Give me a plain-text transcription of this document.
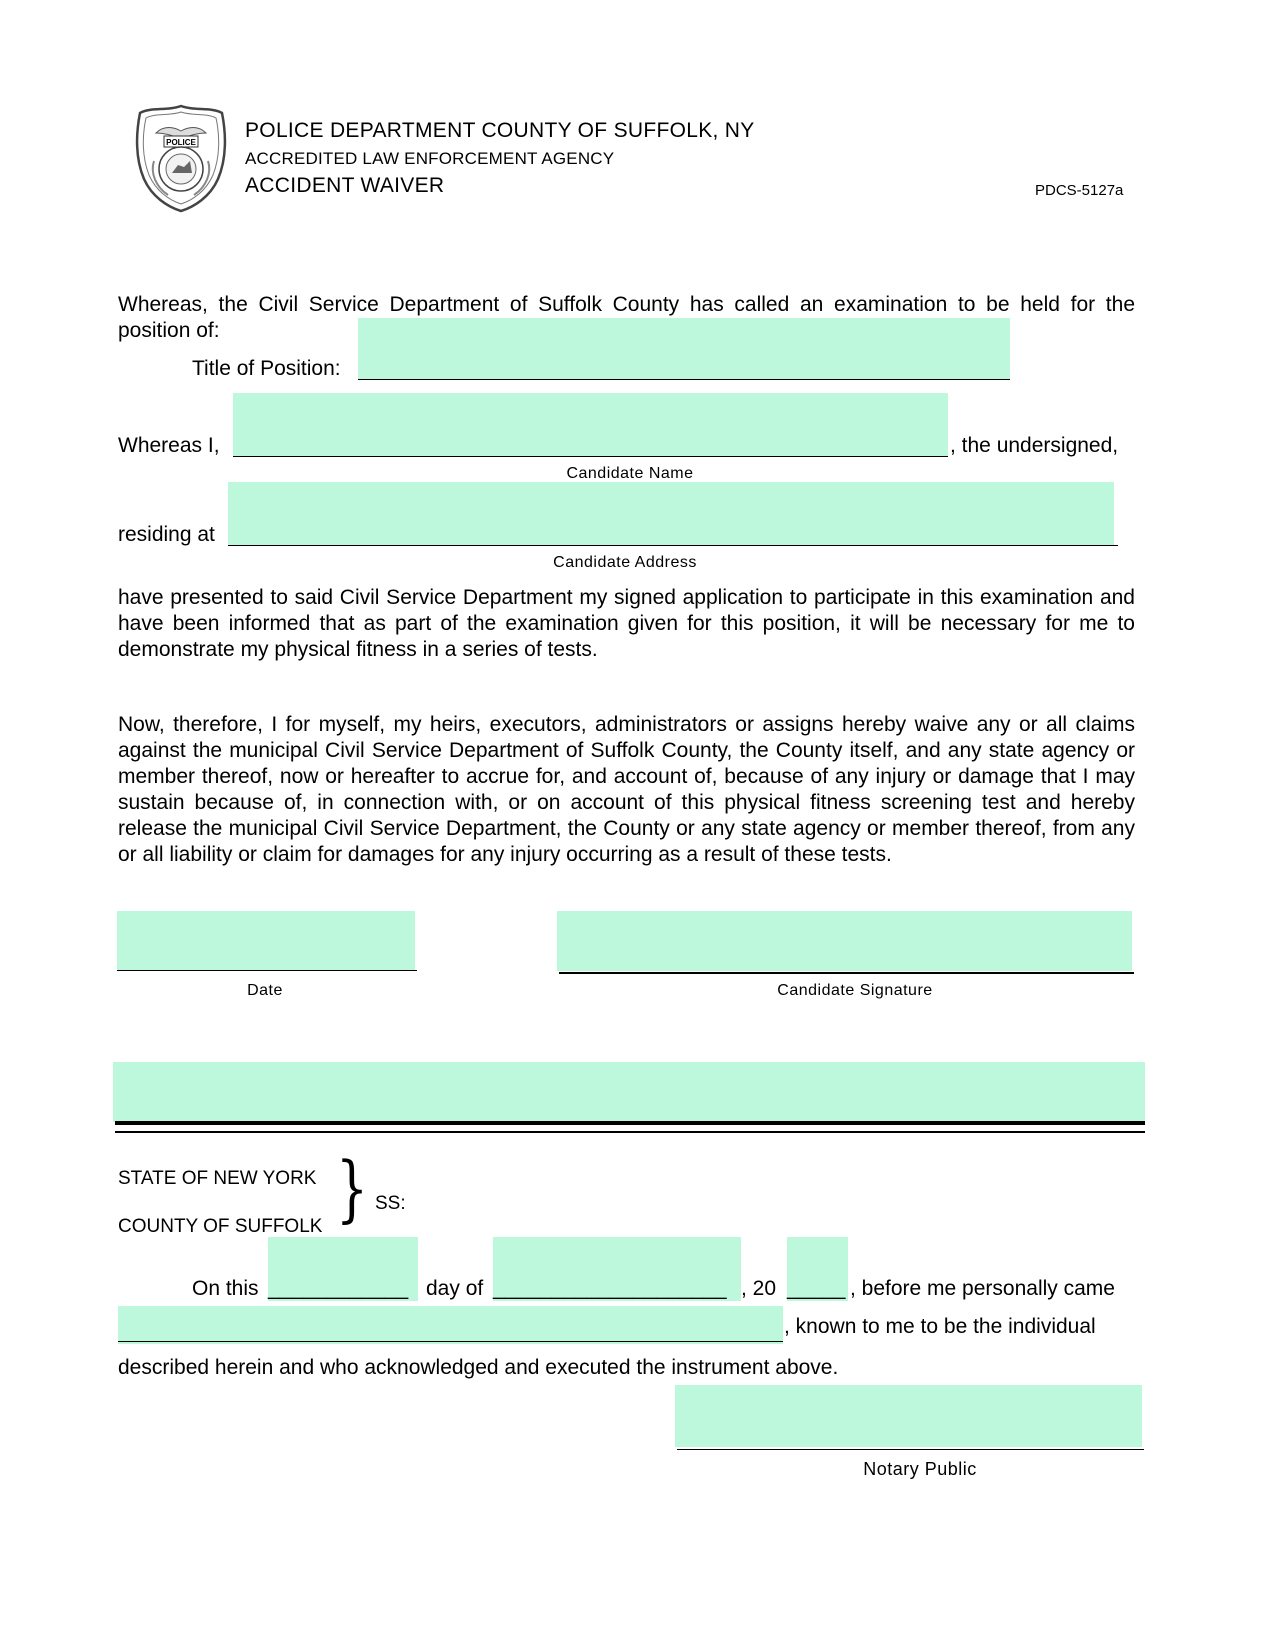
POLICE
POLICE DEPARTMENT COUNTY OF SUFFOLK, NY
ACCREDITED LAW ENFORCEMENT AGENCY
ACCIDENT WAIVER	PDCS-5127a
Whereas, the Civil Service Department of Suffolk County has called an examination to be held for the position of:
Title of Position:
Whereas I,	, the undersigned,
Candidate Name
residing at
Candidate Address
have presented to said Civil Service Department my signed application to participate in this examination and have been informed that as part of the examination given for this position, it will be necessary for me to demonstrate my physical fitness in a series of tests.
Now, therefore, I for myself, my heirs, executors, administrators or assigns hereby waive any or all claims against the municipal Civil Service Department of Suffolk County, the County itself, and any state agency or member thereof, now or hereafter to accrue for, and account of, because of any injury or damage that I may sustain because of, in connection with, or on account of this physical fitness screening test and hereby release the municipal Civil Service Department, the County or any state agency or member thereof, from any or all liability or claim for damages for any injury occurring as a result of these tests.
Date	Candidate Signature
STATE OF NEW YORK
COUNTY OF SUFFOLK } SS:
On this ____________ day of ____________________ , 20 _____ , before me personally came
, known to me to be the individual
described herein and who acknowledged and executed the instrument above.
Notary Public
